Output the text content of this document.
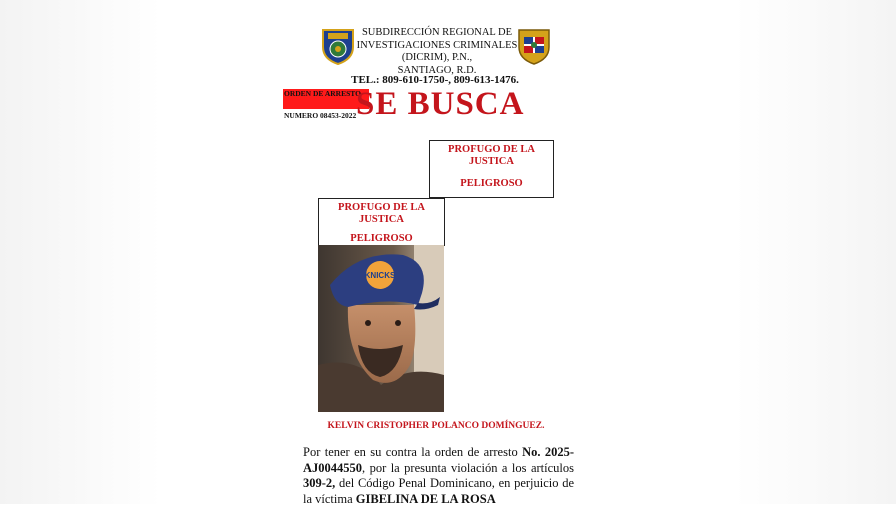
SUBDIRECCIÓN REGIONAL DE
INVESTIGACIONES CRIMINALES
(DICRIM), P.N.,
SANTIAGO, R.D.
TEL.: 809-610-1750-, 809-613-1476.
ORDEN DE ARRESTO
NUMERO 08453-2022 SE BUSCA
PROFUGO DE LA JUSTICA
PELIGROSO
PROFUGO DE LA JUSTICA
PELIGROSO
KNICKS
KELVIN CRISTOPHER POLANCO DOMÍNGUEZ.
Por tener en su contra la orden de arresto No. 2025-AJ0044550, por la presunta violación a los artículos 309-2, del Código Penal Dominicano, en perjuicio de la víctima GIBELINA DE LA ROSA
